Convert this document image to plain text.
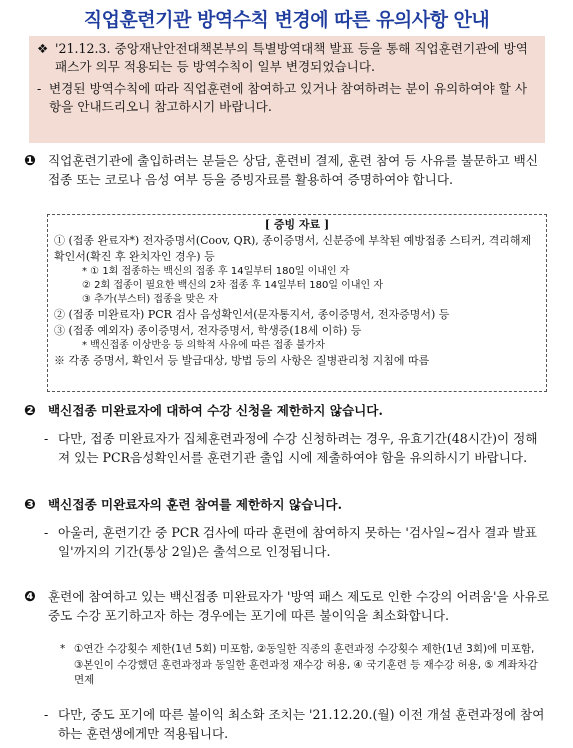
직업훈련기관 방역수칙 변경에 따른 유의사항 안내
❖ '21.12.3. 중앙재난안전대책본부의 특별방역대책 발표 등을 통해 직업훈련기관에 방역 패스가 의무 적용되는 등 방역수칙이 일부 변경되었습니다.

- 변경된 방역수칙에 따라 직업훈련에 참여하고 있거나 참여하려는 분이 유의하여야 할 사항을 안내드리오니 참고하시기 바랍니다.

❶ 직업훈련기관에 출입하려는 분들은 상담, 훈련비 결제, 훈련 참여 등 사유를 불문하고 백신 접종 또는 코로나 음성 여부 등을 증빙자료를 활용하여 증명하여야 합니다.

[ 증빙 자료 ]

① (접종 완료자*) 전자증명서(Coov, QR), 종이증명서, 신분증에 부착된 예방접종 스티커, 격리해제 확인서(확진 후 완치자인 경우) 등

* ① 1회 접종하는 백신의 접종 후 14일부터 180일 이내인 자

② 2회 접종이 필요한 백신의 2차 접종 후 14일부터 180일 이내인 자

③ 추가(부스터) 접종을 맞은 자

② (접종 미완료자) PCR 검사 음성확인서(문자통지서, 종이증명서, 전자증명서) 등

③ (접종 예외자) 종이증명서, 전자증명서, 학생증(18세 이하) 등

* 백신접종 이상반응 등 의학적 사유에 따른 접종 불가자

※ 각종 증명서, 확인서 등 발급대상, 방법 등의 사항은 질병관리청 지침에 따름

❷ 백신접종 미완료자에 대하여 수강 신청을 제한하지 않습니다.
- 다만, 접종 미완료자가 집체훈련과정에 수강 신청하려는 경우, 유효기간(48시간)이 정해져 있는 PCR음성확인서를 훈련기관 출입 시에 제출하여야 함을 유의하시기 바랍니다.
❸ 백신접종 미완료자의 훈련 참여를 제한하지 않습니다.
- 아울러, 훈련기간 중 PCR 검사에 따라 훈련에 참여하지 못하는 '검사일~검사 결과 발표일'까지의 기간(통상 2일)은 출석으로 인정됩니다.
❹ 훈련에 참여하고 있는 백신접종 미완료자가 '방역 패스 제도로 인한 수강의 어려움'을 사유로 중도 수강 포기하고자 하는 경우에는 포기에 따른 불이익을 최소화합니다.
* ①연간 수강횟수 제한(1년 5회) 미포함, ②동일한 직종의 훈련과정 수강횟수 제한(1년 3회)에 미포함, ③본인이 수강했던 훈련과정과 동일한 훈련과정 재수강 허용, ④ 국기훈련 등 재수강 허용, ⑤ 계좌차감 면제
- 다만, 중도 포기에 따른 불이익 최소화 조치는 '21.12.20.(월) 이전 개설 훈련과정에 참여하는 훈련생에게만 적용됩니다.
